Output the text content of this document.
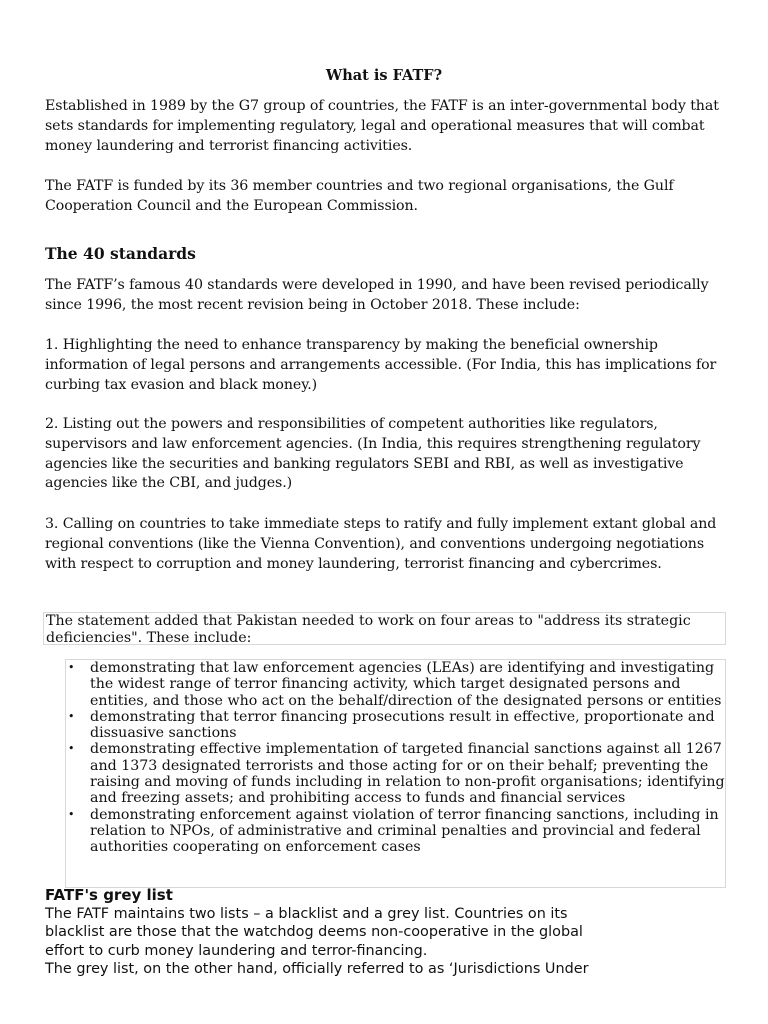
What is FATF?

Established in 1989 by the G7 group of countries, the FATF is an inter-governmental body that sets standards for implementing regulatory, legal and operational measures that will combat money laundering and terrorist financing activities.

The FATF is funded by its 36 member countries and two regional organisations, the Gulf Cooperation Council and the European Commission.

The 40 standards

The FATF’s famous 40 standards were developed in 1990, and have been revised periodically since 1996, the most recent revision being in October 2018. These include:

1. Highlighting the need to enhance transparency by making the beneficial ownership information of legal persons and arrangements accessible. (For India, this has implications for curbing tax evasion and black money.)

2. Listing out the powers and responsibilities of competent authorities like regulators, supervisors and law enforcement agencies. (In India, this requires strengthening regulatory agencies like the securities and banking regulators SEBI and RBI, as well as investigative agencies like the CBI, and judges.)

3. Calling on countries to take immediate steps to ratify and fully implement extant global and regional conventions (like the Vienna Convention), and conventions undergoing negotiations with respect to corruption and money laundering, terrorist financing and cybercrimes.

The statement added that Pakistan needed to work on four areas to "address its strategic deficiencies". These include:
• demonstrating that law enforcement agencies (LEAs) are identifying and investigating the widest range of terror financing activity, which target designated persons and entities, and those who act on the behalf/direction of the designated persons or entities
• demonstrating that terror financing prosecutions result in effective, proportionate and dissuasive sanctions
• demonstrating effective implementation of targeted financial sanctions against all 1267 and 1373 designated terrorists and those acting for or on their behalf; preventing the raising and moving of funds including in relation to non-profit organisations; identifying and freezing assets; and prohibiting access to funds and financial services
• demonstrating enforcement against violation of terror financing sanctions, including in relation to NPOs, of administrative and criminal penalties and provincial and federal authorities cooperating on enforcement cases
FATF's grey list

The FATF maintains two lists – a blacklist and a grey list. Countries on its
blacklist are those that the watchdog deems non-cooperative in the global
effort to curb money laundering and terror-financing.
The grey list, on the other hand, officially referred to as ‘Jurisdictions Under
